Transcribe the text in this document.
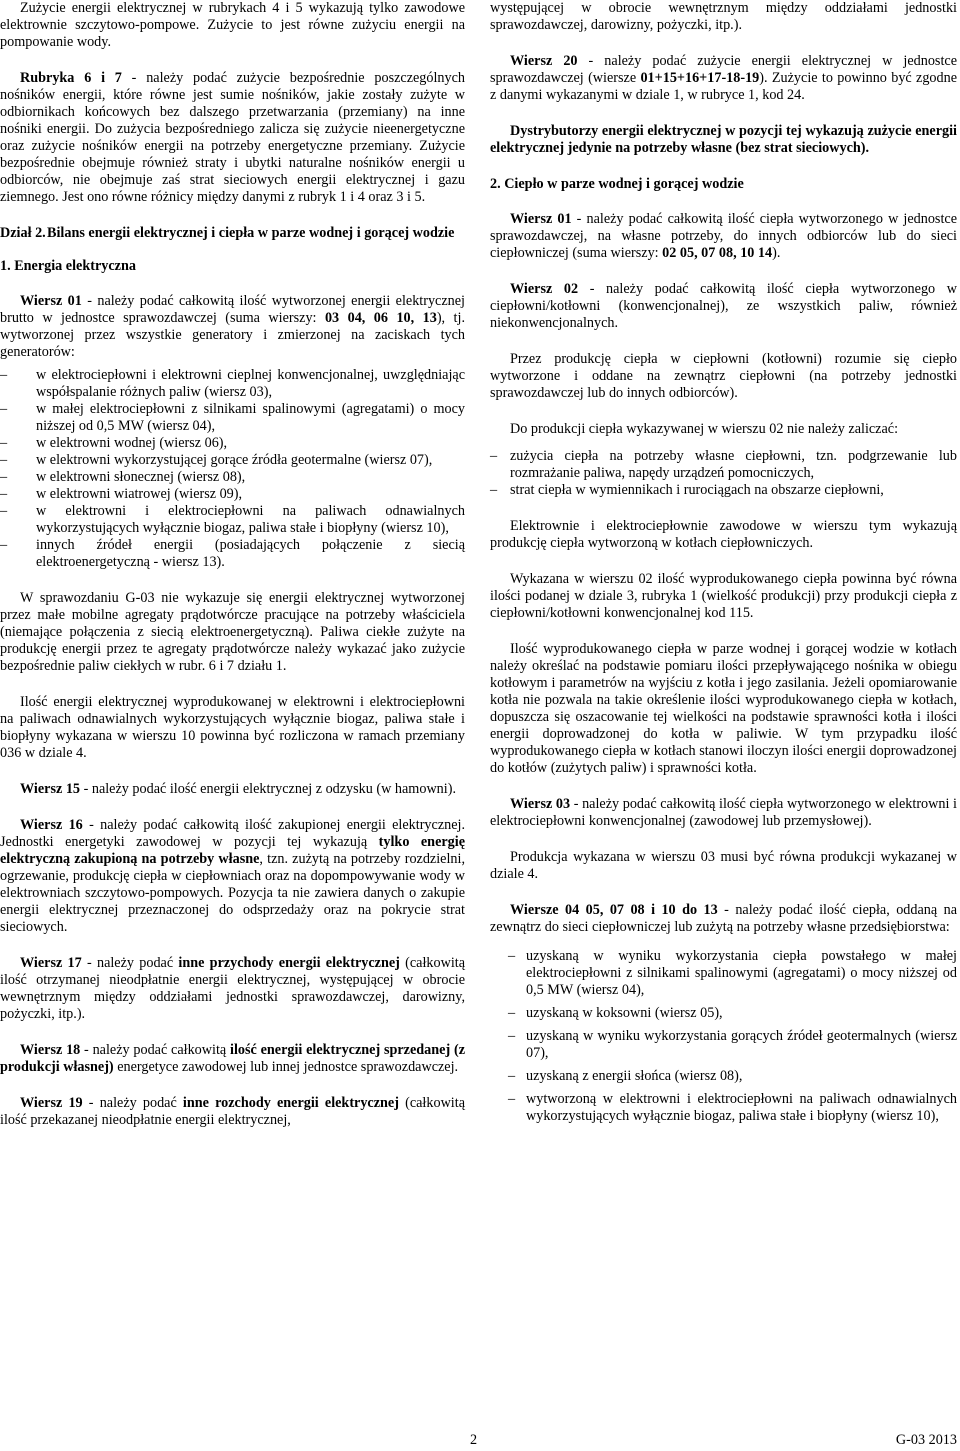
Zużycie energii elektrycznej w rubrykach 4 i 5 wykazują tylko zawodowe elektrownie szczytowo-pompowe. Zużycie to jest równe zużyciu energii na pompowanie wody.

Rubryka 6 i 7 - należy podać zużycie bezpośrednie poszczególnych nośników energii, które równe jest sumie nośników, jakie zostały zużyte w odbiornikach końcowych bez dalszego przetwarzania (przemiany) na inne nośniki energii. Do zużycia bezpośredniego zalicza się zużycie nieenergetyczne oraz zużycie nośników energii na potrzeby energetyczne przemiany. Zużycie bezpośrednie obejmuje również straty i ubytki naturalne nośników energii u odbiorców, nie obejmuje zaś strat sieciowych energii elektrycznej i gazu ziemnego. Jest ono równe różnicy między danymi z rubryk 1 i 4 oraz 3 i 5.

Dział 2. Bilans energii elektrycznej i ciepła w parze wodnej i gorącej wodzie
1. Energia elektryczna

Wiersz 01 - należy podać całkowitą ilość wytworzonej energii elektrycznej brutto w jednostce sprawozdawczej (suma wierszy: 03 04, 06 10, 13), tj. wytworzonej przez wszystkie generatory i zmierzonej na zaciskach tych generatorów:

– w elektrociepłowni i elektrowni cieplnej konwencjonalnej, uwzględniając współspalanie różnych paliw (wiersz 03),
– w małej elektrociepłowni z silnikami spalinowymi (agregatami) o mocy niższej od 0,5 MW (wiersz 04),
– w elektrowni wodnej (wiersz 06),
– w elektrowni wykorzystującej gorące źródła geotermalne (wiersz 07),
– w elektrowni słonecznej (wiersz 08),
– w elektrowni wiatrowej (wiersz 09),
– w elektrowni i elektrociepłowni na paliwach odnawialnych wykorzystujących wyłącznie biogaz, paliwa stałe i biopłyny (wiersz 10),
– innych źródeł energii (posiadających połączenie z siecią elektroenergetyczną - wiersz 13).

W sprawozdaniu G-03 nie wykazuje się energii elektrycznej wytworzonej przez małe mobilne agregaty prądotwórcze pracujące na potrzeby właściciela (niemające połączenia z siecią elektroenergetyczną). Paliwa ciekłe zużyte na produkcję energii przez te agregaty prądotwórcze należy wykazać jako zużycie bezpośrednie paliw ciekłych w rubr. 6 i 7 działu 1.

Ilość energii elektrycznej wyprodukowanej w elektrowni i elektrociepłowni na paliwach odnawialnych wykorzystujących wyłącznie biogaz, paliwa stałe i biopłyny wykazana w wierszu 10 powinna być rozliczona w ramach przemiany 036 w dziale 4.

Wiersz 15 - należy podać ilość energii elektrycznej z odzysku (w hamowni).

Wiersz 16 - należy podać całkowitą ilość zakupionej energii elektrycznej. Jednostki energetyki zawodowej w pozycji tej wykazują tylko energię elektryczną zakupioną na potrzeby własne, tzn. zużytą na potrzeby rozdzielni, ogrzewanie, produkcję ciepła w ciepłowniach oraz na dopompowywanie wody w elektrowniach szczytowo-pompowych. Pozycja ta nie zawiera danych o zakupie energii elektrycznej przeznaczonej do odsprzedaży oraz na pokrycie strat sieciowych.

Wiersz 17 - należy podać inne przychody energii elektrycznej (całkowitą ilość otrzymanej nieodpłatnie energii elektrycznej, występującej w obrocie wewnętrznym między oddziałami jednostki sprawozdawczej, darowizny, pożyczki, itp.).

Wiersz 18 - należy podać całkowitą ilość energii elektrycznej sprzedanej (z produkcji własnej) energetyce zawodowej lub innej jednostce sprawozdawczej.

Wiersz 19 - należy podać inne rozchody energii elektrycznej (całkowitą ilość przekazanej nieodpłatnie energii elektrycznej,

występującej w obrocie wewnętrznym między oddziałami jednostki sprawozdawczej, darowizny, pożyczki, itp.).

Wiersz 20 - należy podać zużycie energii elektrycznej w jednostce sprawozdawczej (wiersze 01+15+16+17-18-19). Zużycie to powinno być zgodne z danymi wykazanymi w dziale 1, w rubryce 1, kod 24.

Dystrybutorzy energii elektrycznej w pozycji tej wykazują zużycie energii elektrycznej jedynie na potrzeby własne (bez strat sieciowych).

2. Ciepło w parze wodnej i gorącej wodzie

Wiersz 01 - należy podać całkowitą ilość ciepła wytworzonego w jednostce sprawozdawczej, na własne potrzeby, do innych odbiorców lub do sieci ciepłowniczej (suma wierszy: 02 05, 07 08, 10 14).

Wiersz 02 - należy podać całkowitą ilość ciepła wytworzonego w ciepłowni/kotłowni (konwencjonalnej), ze wszystkich paliw, również niekonwencjonalnych.

Przez produkcję ciepła w ciepłowni (kotłowni) rozumie się ciepło wytworzone i oddane na zewnątrz ciepłowni (na potrzeby jednostki sprawozdawczej lub do innych odbiorców).

Do produkcji ciepła wykazywanej w wierszu 02 nie należy zaliczać:

– zużycia ciepła na potrzeby własne ciepłowni, tzn. podgrzewanie lub rozmrażanie paliwa, napędy urządzeń pomocniczych,
– strat ciepła w wymiennikach i rurociągach na obszarze ciepłowni,

Elektrownie i elektrociepłownie zawodowe w wierszu tym wykazują produkcję ciepła wytworzoną w kotłach ciepłowniczych.

Wykazana w wierszu 02 ilość wyprodukowanego ciepła powinna być równa ilości podanej w dziale 3, rubryka 1 (wielkość produkcji) przy produkcji ciepła z ciepłowni/kotłowni konwencjonalnej kod 115.

Ilość wyprodukowanego ciepła w parze wodnej i gorącej wodzie w kotłach należy określać na podstawie pomiaru ilości przepływającego nośnika w obiegu kotłowym i parametrów na wyjściu z kotła i jego zasilania. Jeżeli opomiarowanie kotła nie pozwala na takie określenie ilości wyprodukowanego ciepła w kotłach, dopuszcza się oszacowanie tej wielkości na podstawie sprawności kotła i ilości energii doprowadzonej do kotła w paliwie. W tym przypadku ilość wyprodukowanego ciepła w kotłach stanowi iloczyn ilości energii doprowadzonej do kotłów (zużytych paliw) i sprawności kotła.

Wiersz 03 - należy podać całkowitą ilość ciepła wytworzonego w elektrowni i elektrociepłowni konwencjonalnej (zawodowej lub przemysłowej).

Produkcja wykazana w wierszu 03 musi być równa produkcji wykazanej w dziale 4.

Wiersze 04 05, 07 08 i 10 do 13 - należy podać ilość ciepła, oddaną na zewnątrz do sieci ciepłowniczej lub zużytą na potrzeby własne przedsiębiorstwa:

– uzyskaną w wyniku wykorzystania ciepła powstałego w małej elektrociepłowni z silnikami spalinowymi (agregatami) o mocy niższej od 0,5 MW (wiersz 04),
– uzyskaną w koksowni (wiersz 05),
– uzyskaną w wyniku wykorzystania gorących źródeł geotermalnych (wiersz 07),
– uzyskaną z energii słońca (wiersz 08),
– wytworzoną w elektrowni i elektrociepłowni na paliwach odnawialnych wykorzystujących wyłącznie biogaz, paliwa stałe i biopłyny (wiersz 10),
2	G-03 2013
